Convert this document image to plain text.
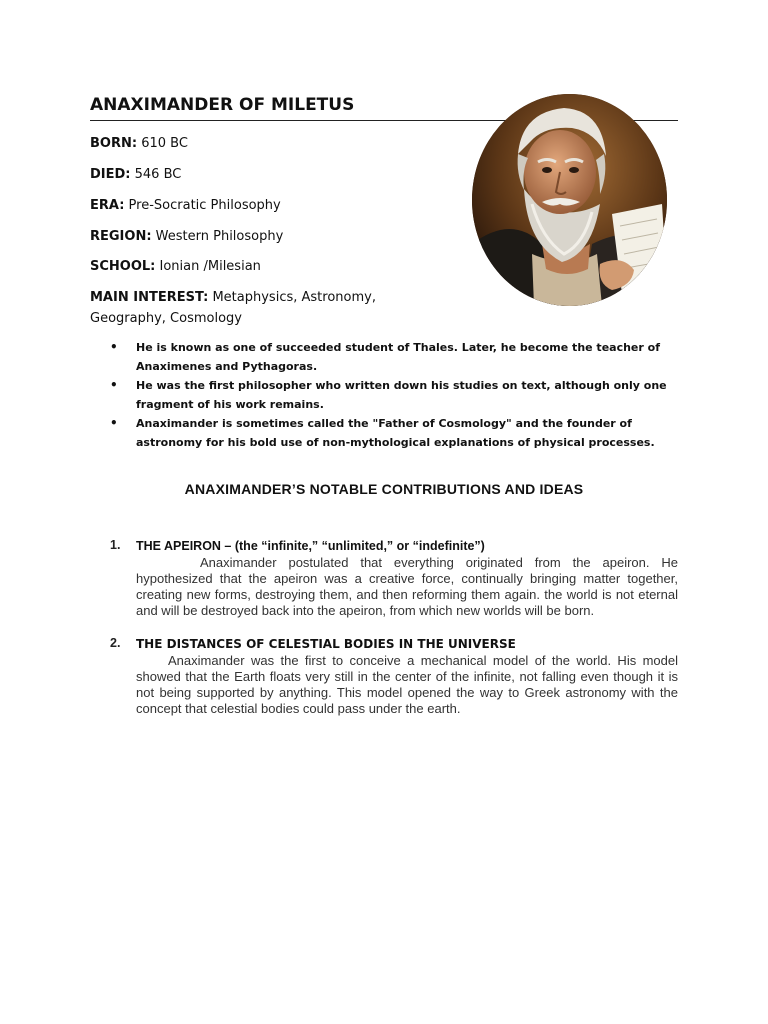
ANAXIMANDER OF MILETUS

BORN: 610 BC

DIED: 546 BC

ERA: Pre-Socratic Philosophy

REGION: Western Philosophy

SCHOOL: Ionian /Milesian

MAIN INTEREST: Metaphysics, Astronomy, Geography, Cosmology

• He is known as one of succeeded student of Thales. Later, he become the teacher of Anaximenes and Pythagoras.
• He was the first philosopher who written down his studies on text, although only one fragment of his work remains.
• Anaximander is sometimes called the "Father of Cosmology" and the founder of astronomy for his bold use of non-mythological explanations of physical processes.
ANAXIMANDER’S NOTABLE CONTRIBUTIONS AND IDEAS
1. THE APEIRON – (the “infinite,” “unlimited,” or “indefinite”)
Anaximander postulated that everything originated from the apeiron. He hypothesized that the apeiron was a creative force, continually bringing matter together, creating new forms, destroying them, and then reforming them again. the world is not eternal and will be destroyed back into the apeiron, from which new worlds will be born.
2. THE DISTANCES OF CELESTIAL BODIES IN THE UNIVERSE
Anaximander was the first to conceive a mechanical model of the world. His model showed that the Earth floats very still in the center of the infinite, not falling even though it is not being supported by anything. This model opened the way to Greek astronomy with the concept that celestial bodies could pass under the earth.
